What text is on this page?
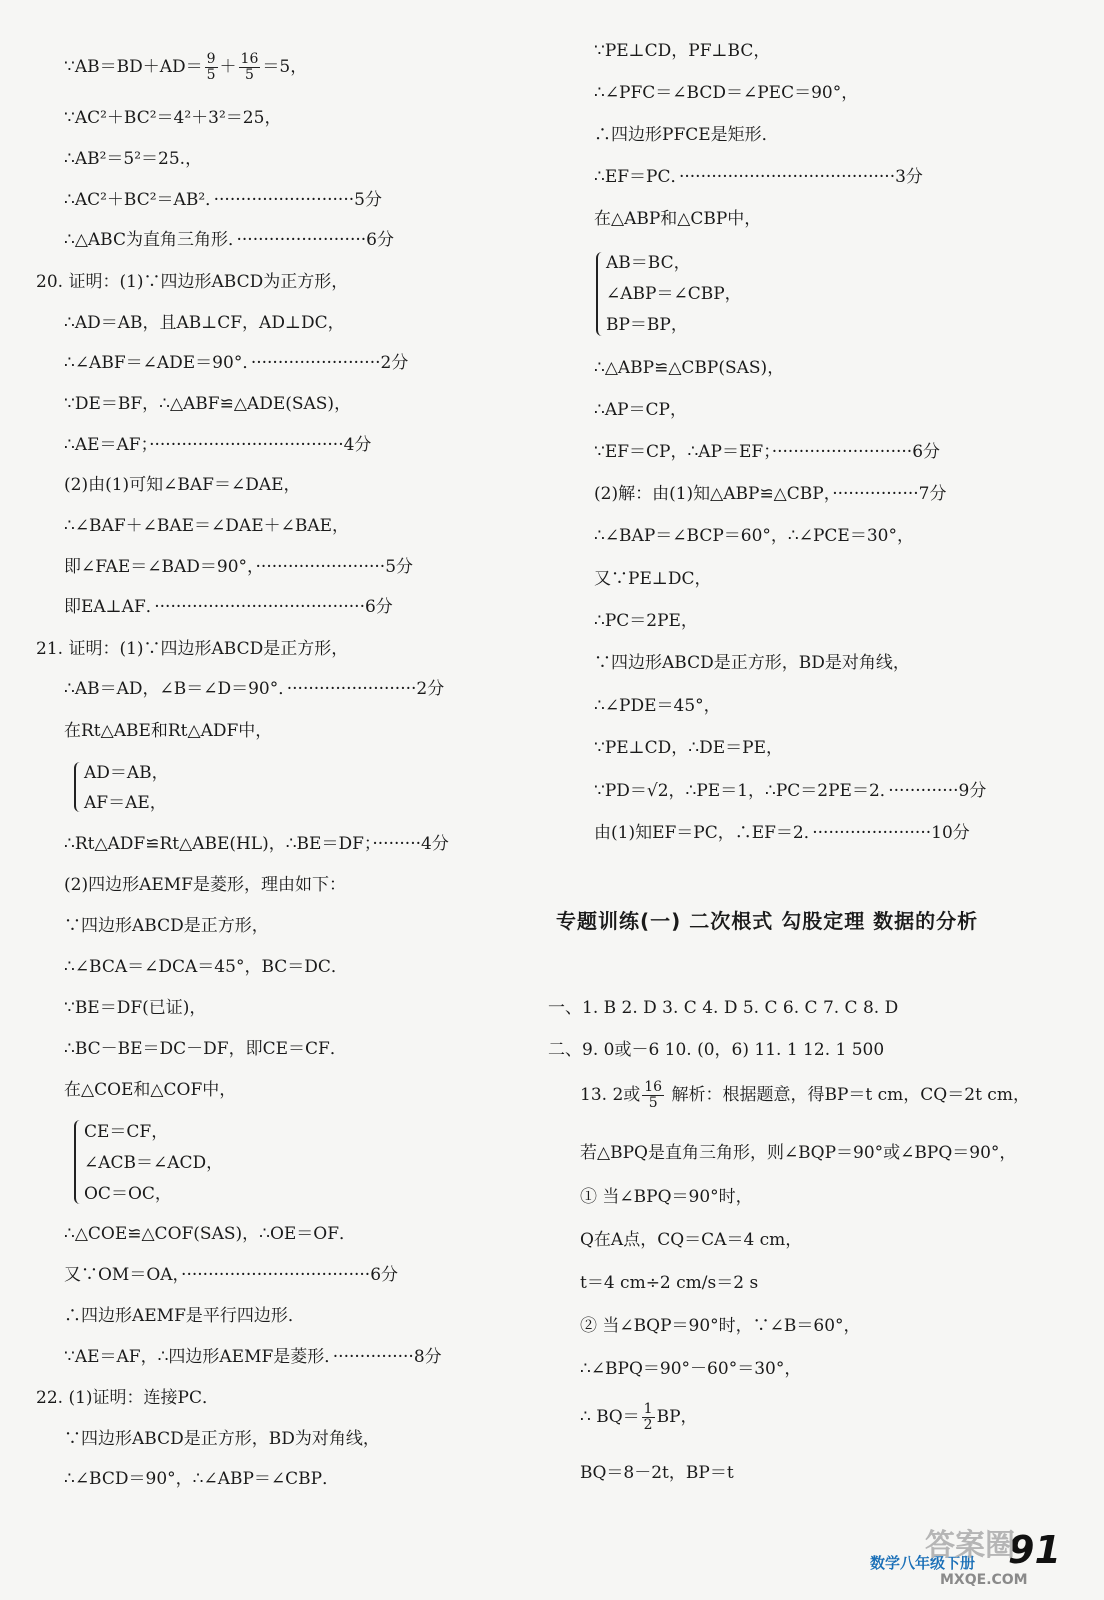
∵AB＝BD＋AD＝ $\frac{9}{5} + \frac{16}{5} =5$，
∵AC²＋BC²＝4²＋3²＝25，
∴AB²＝5²＝25.，
∴AC²＋BC²＝AB²．··························5分
∴△ABC为直角三角形．························6分
20. 证明：(1)∵四边形ABCD为正方形，
∴AD＝AB，且AB⊥CF，AD⊥DC，
∴∠ABF＝∠ADE＝90°．························2分
∵DE＝BF，∴△ABF≌△ADE(SAS)，
∴AE＝AF；····································4分
(2)由(1)可知∠BAF＝∠DAE，
∴∠BAF＋∠BAE＝∠DAE＋∠BAE，
即∠FAE＝∠BAD＝90°，························5分
即EA⊥AF．·······································6分
21. 证明：(1)∵四边形ABCD是正方形，
∴AB＝AD，∠B＝∠D＝90°．························2分
在Rt△ABE和Rt△ADF中，
AD＝AB，
AF＝AE，
∴Rt△ADF≌Rt△ABE(HL)，∴BE＝DF；·········4分
(2)四边形AEMF是菱形，理由如下：
∵四边形ABCD是正方形，
∴∠BCA＝∠DCA＝45°，BC＝DC．
∵BE＝DF(已证)，
∴BC－BE＝DC－DF，即CE＝CF．
在△COE和△COF中，
CE＝CF，
∠ACB＝∠ACD，
OC＝OC，
∴△COE≌△COF(SAS)，∴OE＝OF．
又∵OM＝OA，···································6分
∴四边形AEMF是平行四边形．
∵AE＝AF，∴四边形AEMF是菱形．···············8分
22. (1)证明：连接PC．
∵四边形ABCD是正方形，BD为对角线，
∴∠BCD＝90°，∴∠ABP＝∠CBP．
∵PE⊥CD，PF⊥BC，
∴∠PFC＝∠BCD＝∠PEC＝90°，
∴四边形PFCE是矩形．
∴EF＝PC．········································3分
在△ABP和△CBP中，
AB＝BC，
∠ABP＝∠CBP，
BP＝BP，
∴△ABP≌△CBP(SAS)，
∴AP＝CP，
∵EF＝CP，∴AP＝EF；··························6分
(2)解：由(1)知△ABP≌△CBP，················7分
∴∠BAP＝∠BCP＝60°，∴∠PCE＝30°，
又∵PE⊥DC，
∴PC＝2PE，
∵四边形ABCD是正方形，BD是对角线，
∴∠PDE＝45°，
∵PE⊥CD，∴DE＝PE，
∵PD＝√2，∴PE＝1，∴PC＝2PE＝2．·············9分
由(1)知EF＝PC，∴EF＝2．······················10分
一、1. B 2. D 3. C 4. D 5. C 6. C 7. C 8. D
二、9. 0或－6 10. (0，6) 11. 1 12. 1 500
13. 2或 $\frac{16}{5}$ 解析：根据题意，得BP＝t cm，CQ＝2t cm，
若△BPQ是直角三角形，则∠BQP＝90°或∠BPQ＝90°，
① 当∠BPQ＝90°时，
Q在A点，CQ＝CA＝4 cm，
t＝4 cm÷2 cm/s＝2 s
② 当∠BQP＝90°时，∵∠B＝60°，
∴∠BPQ＝90°－60°＝30°，
∴ $BQ= \frac{1}{2}$ BP，
BQ＝8－2t，BP＝t
专题训练(一) 二次根式 勾股定理 数据的分析
数学八年级下册 91
答案圈
MXQE.COM
